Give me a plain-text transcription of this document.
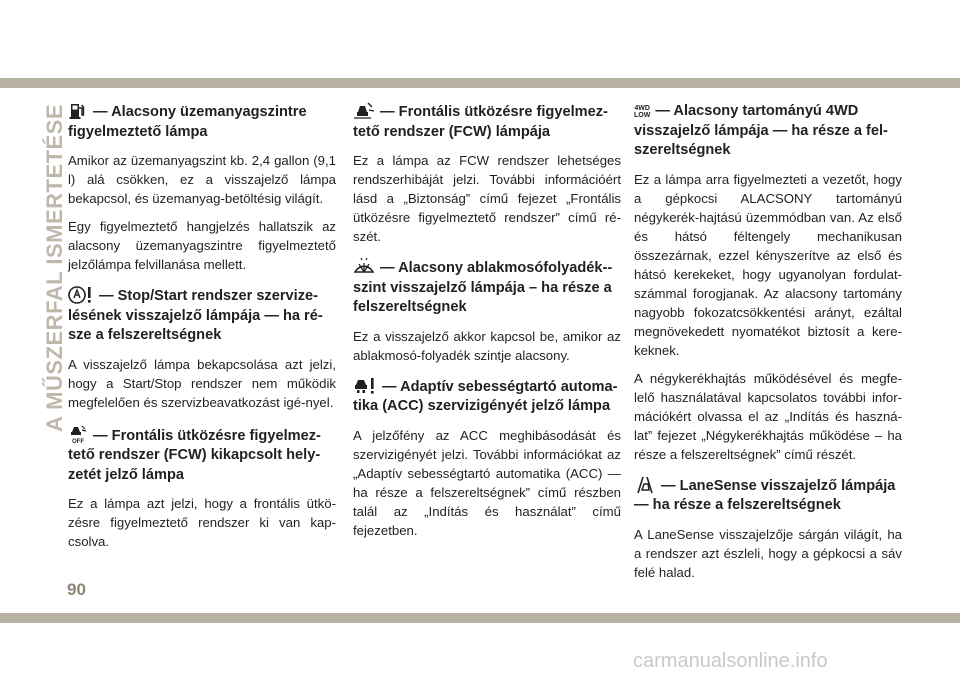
A MŰSZERFAL ISMERTETÉSE	— Alacsony üzemanyagszintre figyelmeztető lámpa

Amikor az üzemanyagszint kb. 2,4 gallon (9,1 l) alá csökken, ez a visszajelző lámpa bekapcsol, és üzemanyag-betöltésig világít.

Egy figyelmeztető hangjelzés hallatszik az alacsony üzemanyagszintre figyelmeztető jelzőlámpa felvillanása mellett.

— Stop/Start rendszer szervize-lésének visszajelző lámpája — ha ré-sze a felszereltségnek

A visszajelző lámpa bekapcsolása azt jelzi, hogy a Start/Stop rendszer nem működik megfelelően és szervizbeavatkozást igé-nyel.

OFF — Frontális ütközésre figyelmez-tető rendszer (FCW) kikapcsolt hely-zetét jelző lámpa

Ez a lámpa azt jelzi, hogy a frontális ütkö-zésre figyelmeztető rendszer ki van kap-csolva.

— Frontális ütközésre figyelmez-tető rendszer (FCW) lámpája

Ez a lámpa az FCW rendszer lehetséges rendszerhibáját jelzi. További információért lásd a „Biztonság” című fejezet „Frontális ütközésre figyelmeztető rendszer” című ré-szét.

— Alacsony ablakmosófolyadék--szint visszajelző lámpája – ha része a felszereltségnek

Ez a visszajelző akkor kapcsol be, amikor az ablakmosó-folyadék szintje alacsony.

— Adaptív sebességtartó automa-tika (ACC) szervizigényét jelző lámpa

A jelzőfény az ACC meghibásodását és szervizigényét jelzi. További információkat az „Adaptív sebességtartó automatika (ACC) — ha része a felszereltségnek” című részben talál az „Indítás és használat” című fejezetben.

4WD
LOW — Alacsony tartományú 4WD visszajelző lámpája — ha része a fel-szereltségnek

Ez a lámpa arra figyelmezteti a vezetőt, hogy a gépkocsi ALACSONY tartományú négykerék-hajtású üzemmódban van. Az első és hátsó féltengely mechanikusan összezárnak, ezzel kényszerítve az első és hátsó kerekeket, hogy ugyanolyan fordulat-számmal forogjanak. Az alacsony tartomány nagyobb fokozatcsökkentési arányt, ezáltal megnövekedett nyomatékot biztosít a kere-keknek.

A négykerékhajtás működésével és megfe-lelő használatával kapcsolatos további infor-mációkért olvassa el az „Indítás és haszná-lat” fejezet „Négykerékhajtás működése – ha része a felszereltségnek” című részét.

— LaneSense visszajelző lámpája — ha része a felszereltségnek

A LaneSense visszajelzője sárgán világít, ha a rendszer azt észleli, hogy a gépkocsi a sáv felé halad.

90
carmanualsonline.info
